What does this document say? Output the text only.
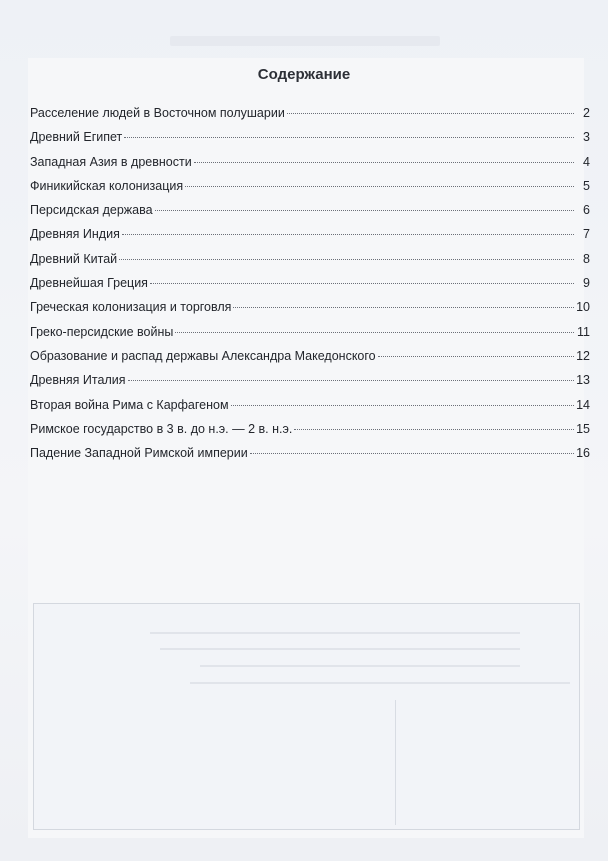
Содержание
Расселение людей в Восточном полушарии	2
Древний Египет	3
Западная Азия в древности	4
Финикийская колонизация	5
Персидская держава	6
Древняя Индия	7
Древний Китай	8
Древнейшая Греция	9
Греческая колонизация и торговля	10
Греко-персидские войны	11
Образование и распад державы Александра Македонского	12
Древняя Италия	13
Вторая война Рима с Карфагеном	14
Римское государство в 3 в. до н.э. — 2 в. н.э.	15
Падение Западной Римской империи	16
